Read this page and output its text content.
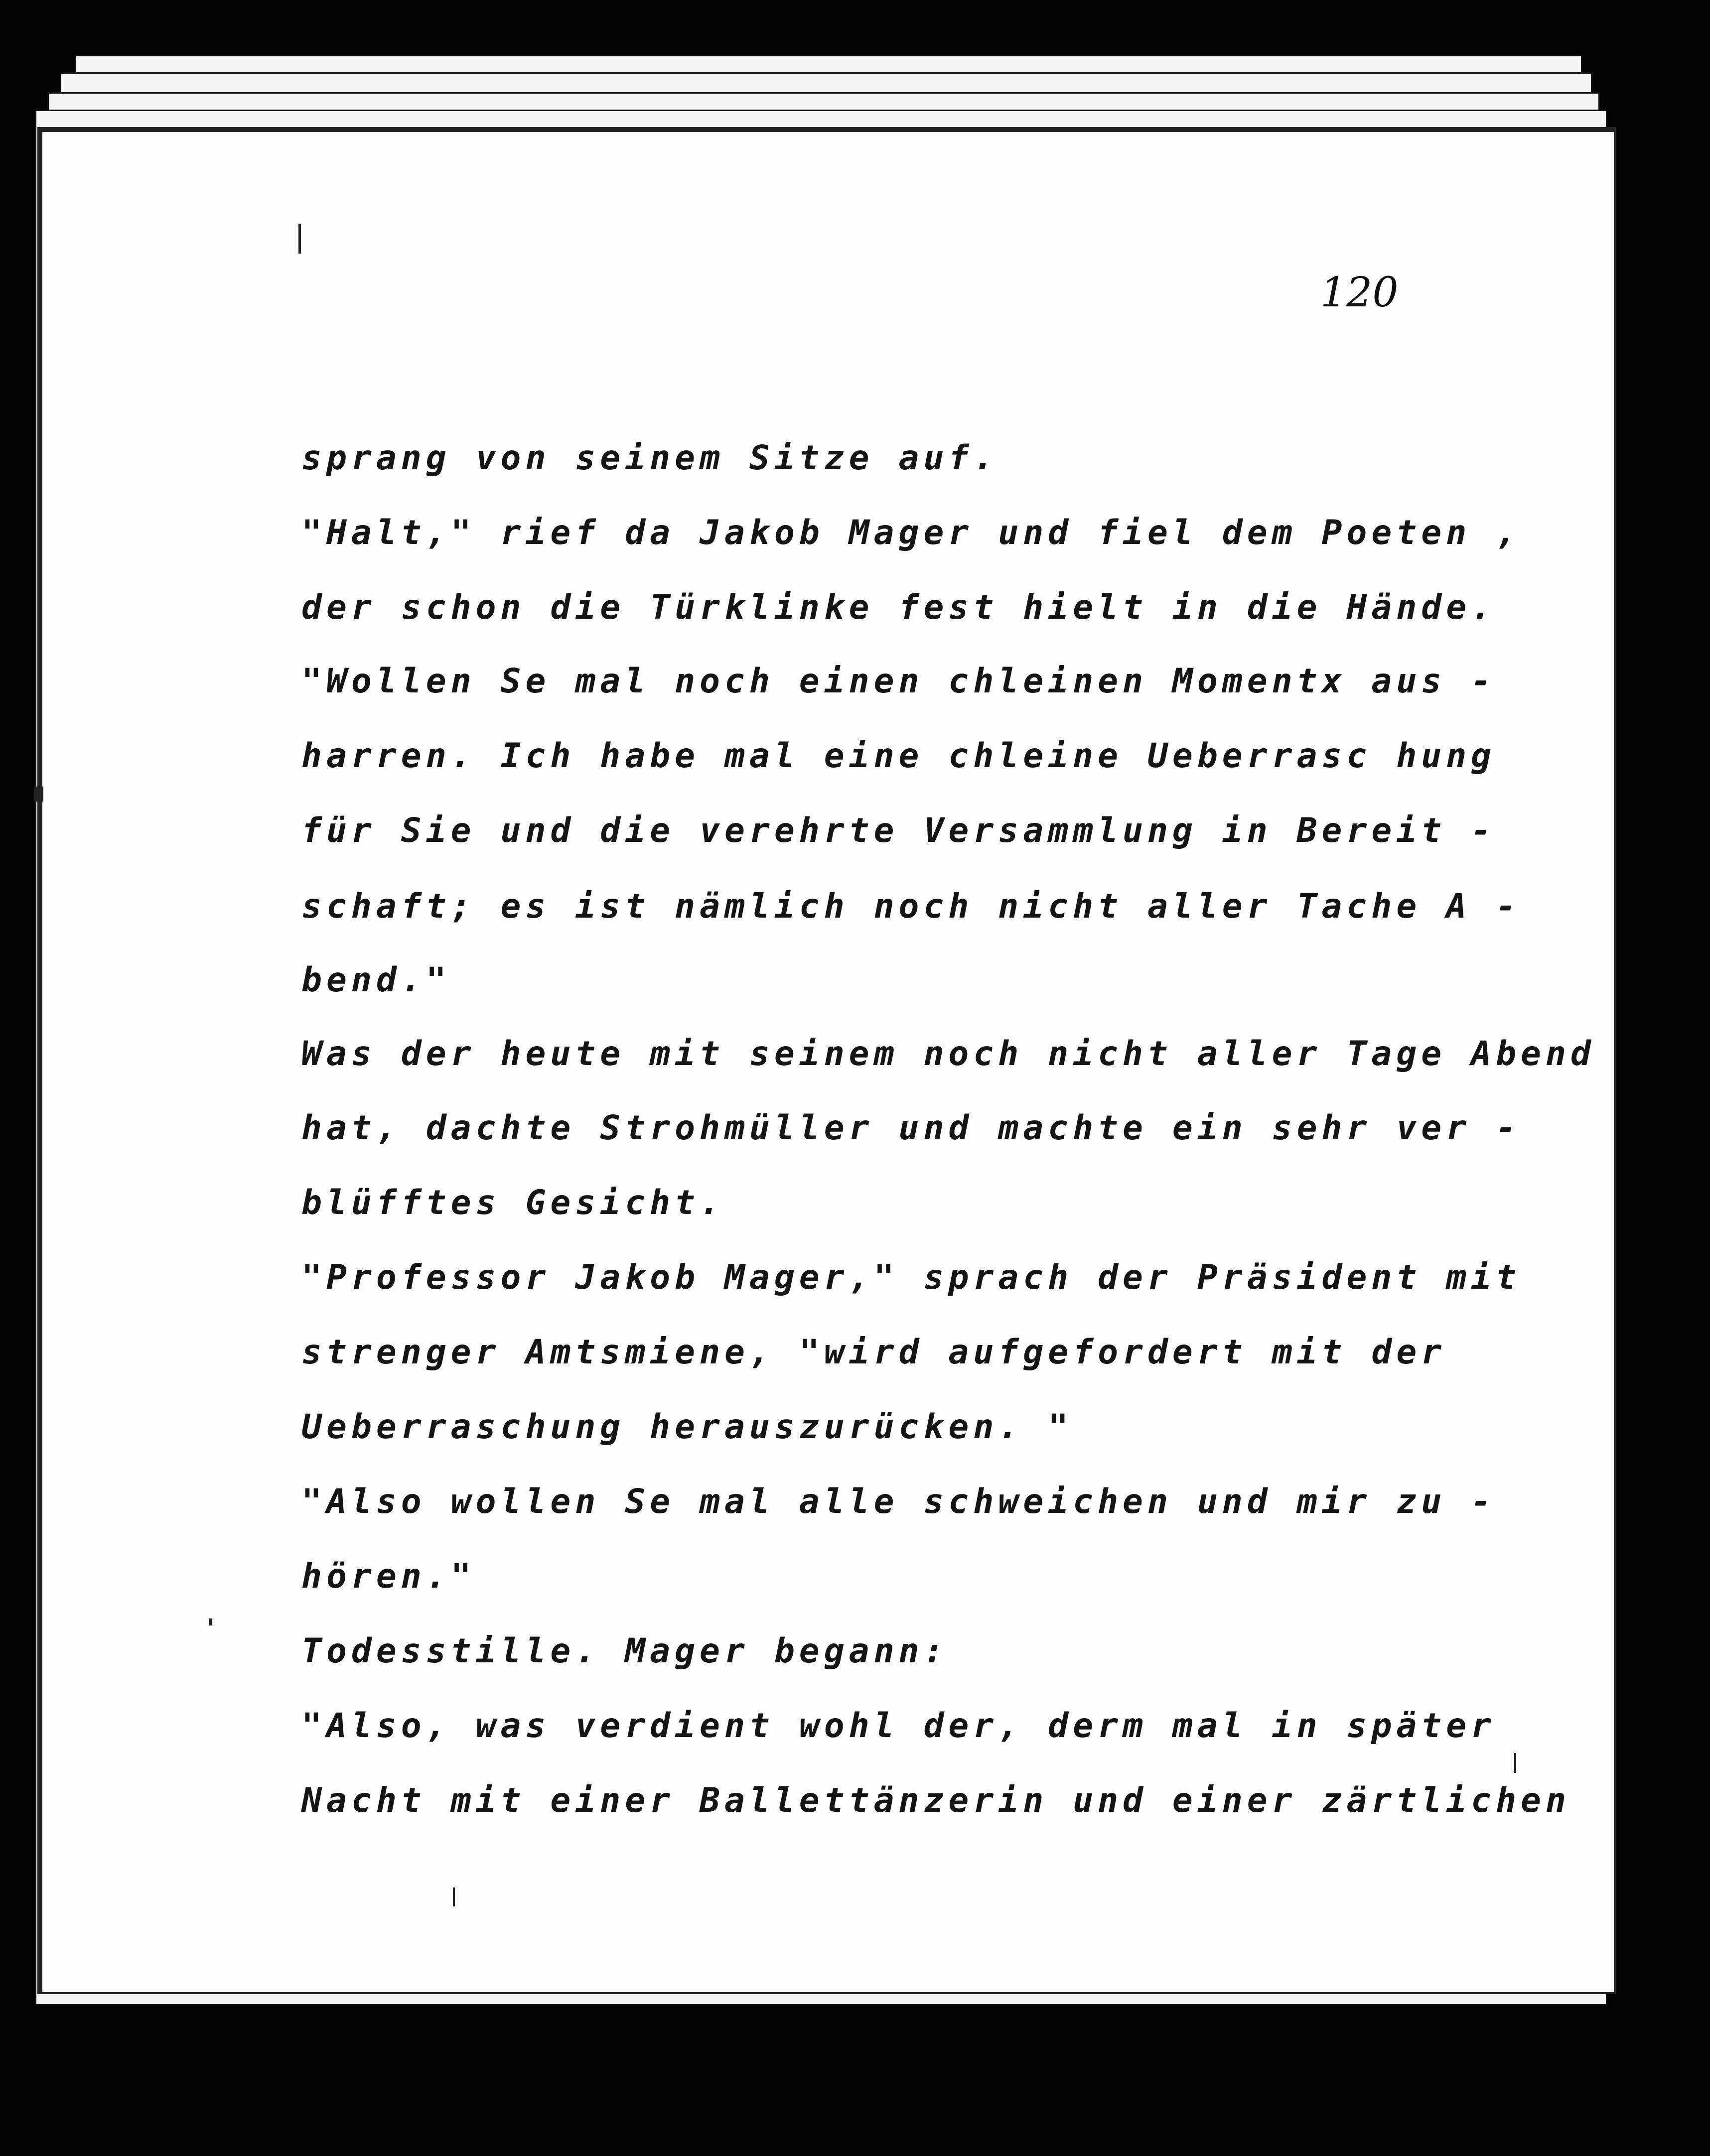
120
sprang von seinem Sitze auf.
"Halt," rief da Jakob Mager und fiel dem Poeten ,
der schon die Türklinke fest hielt in die Hände.
"Wollen Se mal noch einen chleinen Momentx aus -
harren. Ich habe mal eine chleine Ueberrasc hung
für Sie und die verehrte Versammlung in Bereit -
schaft; es ist nämlich noch nicht aller Tache A -
bend."
Was der heute mit seinem noch nicht aller Tage Abend
hat, dachte Strohmüller und machte ein sehr ver -
blüfftes Gesicht.
"Professor Jakob Mager," sprach der Präsident mit
strenger Amtsmiene, "wird aufgefordert mit der
Ueberraschung herauszurücken. "
"Also wollen Se mal alle schweichen und mir zu -
hören."
Todesstille. Mager begann:
"Also, was verdient wohl der, derm mal in später
Nacht mit einer Ballettänzerin und einer zärtlichen
